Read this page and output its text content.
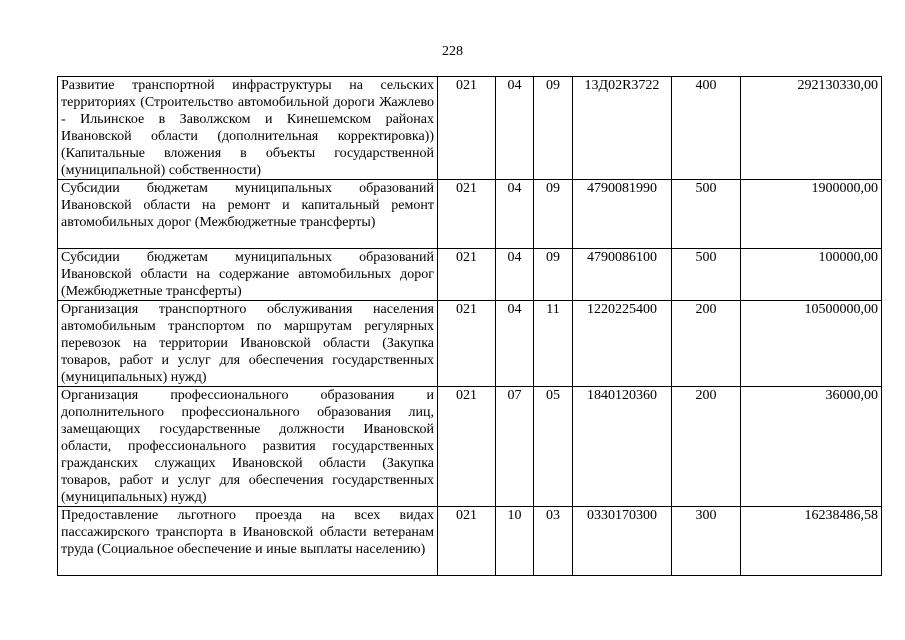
228
Развитие транспортной инфраструктуры на сельских территориях (Строительство автомобильной дороги Жажлево - Ильинское в Заволжском и Кинешемском районах Ивановской области (дополнительная корректировка)) (Капитальные вложения в объекты государственной (муниципальной) собственности)	021	04	09	13Д02R3722	400	292130330,00
Субсидии бюджетам муниципальных образований Ивановской области на ремонт и капитальный ремонт автомобильных дорог (Межбюджетные трансферты)	021	04	09	4790081990	500	1900000,00
Субсидии бюджетам муниципальных образований Ивановской области на содержание автомобильных дорог (Межбюджетные трансферты)	021	04	09	4790086100	500	100000,00
Организация транспортного обслуживания населения автомобильным транспортом по маршрутам регулярных перевозок на территории Ивановской области (Закупка товаров, работ и услуг для обеспечения государственных (муниципальных) нужд)	021	04	11	1220225400	200	10500000,00
Организация профессионального образования и дополнительного профессионального образования лиц, замещающих государственные должности Ивановской области, профессионального развития государственных гражданских служащих Ивановской области (Закупка товаров, работ и услуг для обеспечения государственных (муниципальных) нужд)	021	07	05	1840120360	200	36000,00
Предоставление льготного проезда на всех видах пассажирского транспорта в Ивановской области ветеранам труда (Социальное обеспечение и иные выплаты населению)	021	10	03	0330170300	300	16238486,58
